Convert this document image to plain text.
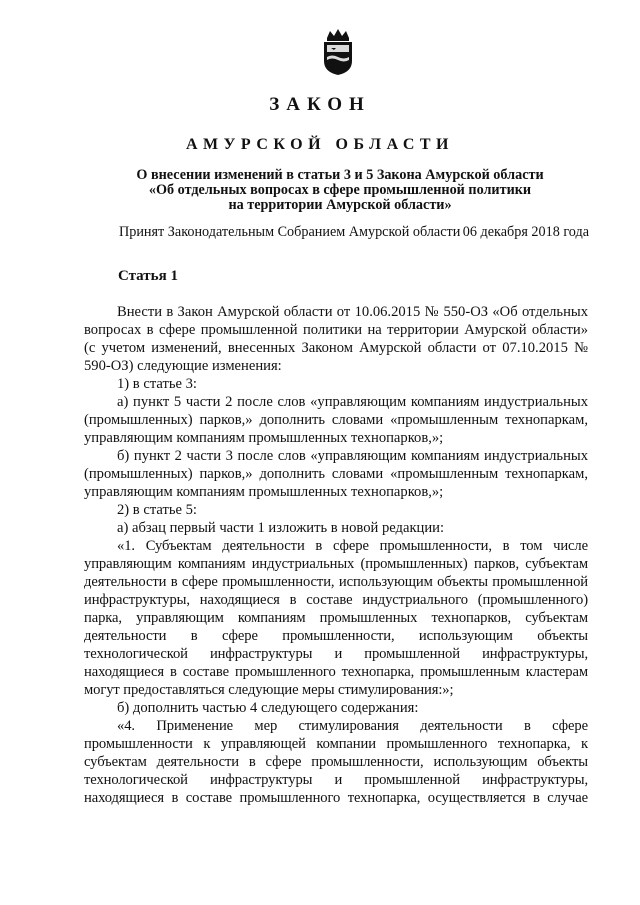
ЗАКОН
АМУРСКОЙ ОБЛАСТИ
О внесении изменений в статьи 3 и 5 Закона Амурской области
«Об отдельных вопросах в сфере промышленной политики
на территории Амурской области»
Принят Законодательным Собранием Амурской области 06 декабря 2018 года
Статья 1

Внести в Закон Амурской области от 10.06.2015 № 550-ОЗ «Об отдельных вопросах в сфере промышленной политики на территории Амурской области» (с учетом изменений, внесенных Законом Амурской области от 07.10.2015 № 590-ОЗ) следующие изменения:

1) в статье 3:

а) пункт 5 части 2 после слов «управляющим компаниям индустриальных (промышленных) парков,» дополнить словами «промышленным технопаркам, управляющим компаниям промышленных технопарков,»;

б) пункт 2 части 3 после слов «управляющим компаниям индустриальных (промышленных) парков,» дополнить словами «промышленным технопаркам, управляющим компаниям промышленных технопарков,»;

2) в статье 5:

а) абзац первый части 1 изложить в новой редакции:

«1. Субъектам деятельности в сфере промышленности, в том числе управляющим компаниям индустриальных (промышленных) парков, субъектам деятельности в сфере промышленности, использующим объекты промышленной инфраструктуры, находящиеся в составе индустриального (промышленного) парка, управляющим компаниям промышленных технопарков, субъектам деятельности в сфере промышленности, использующим объекты технологической инфраструктуры и промышленной инфраструктуры, находящиеся в составе промышленного технопарка, промышленным кластерам могут предоставляться следующие меры стимулирования:»;

б) дополнить частью 4 следующего содержания:

«4. Применение мер стимулирования деятельности в сфере промышленности к управляющей компании промышленного технопарка, к субъектам деятельности в сфере промышленности, использующим объекты технологической инфраструктуры и промышленной инфраструктуры, находящиеся в составе промышленного технопарка, осуществляется в случае
